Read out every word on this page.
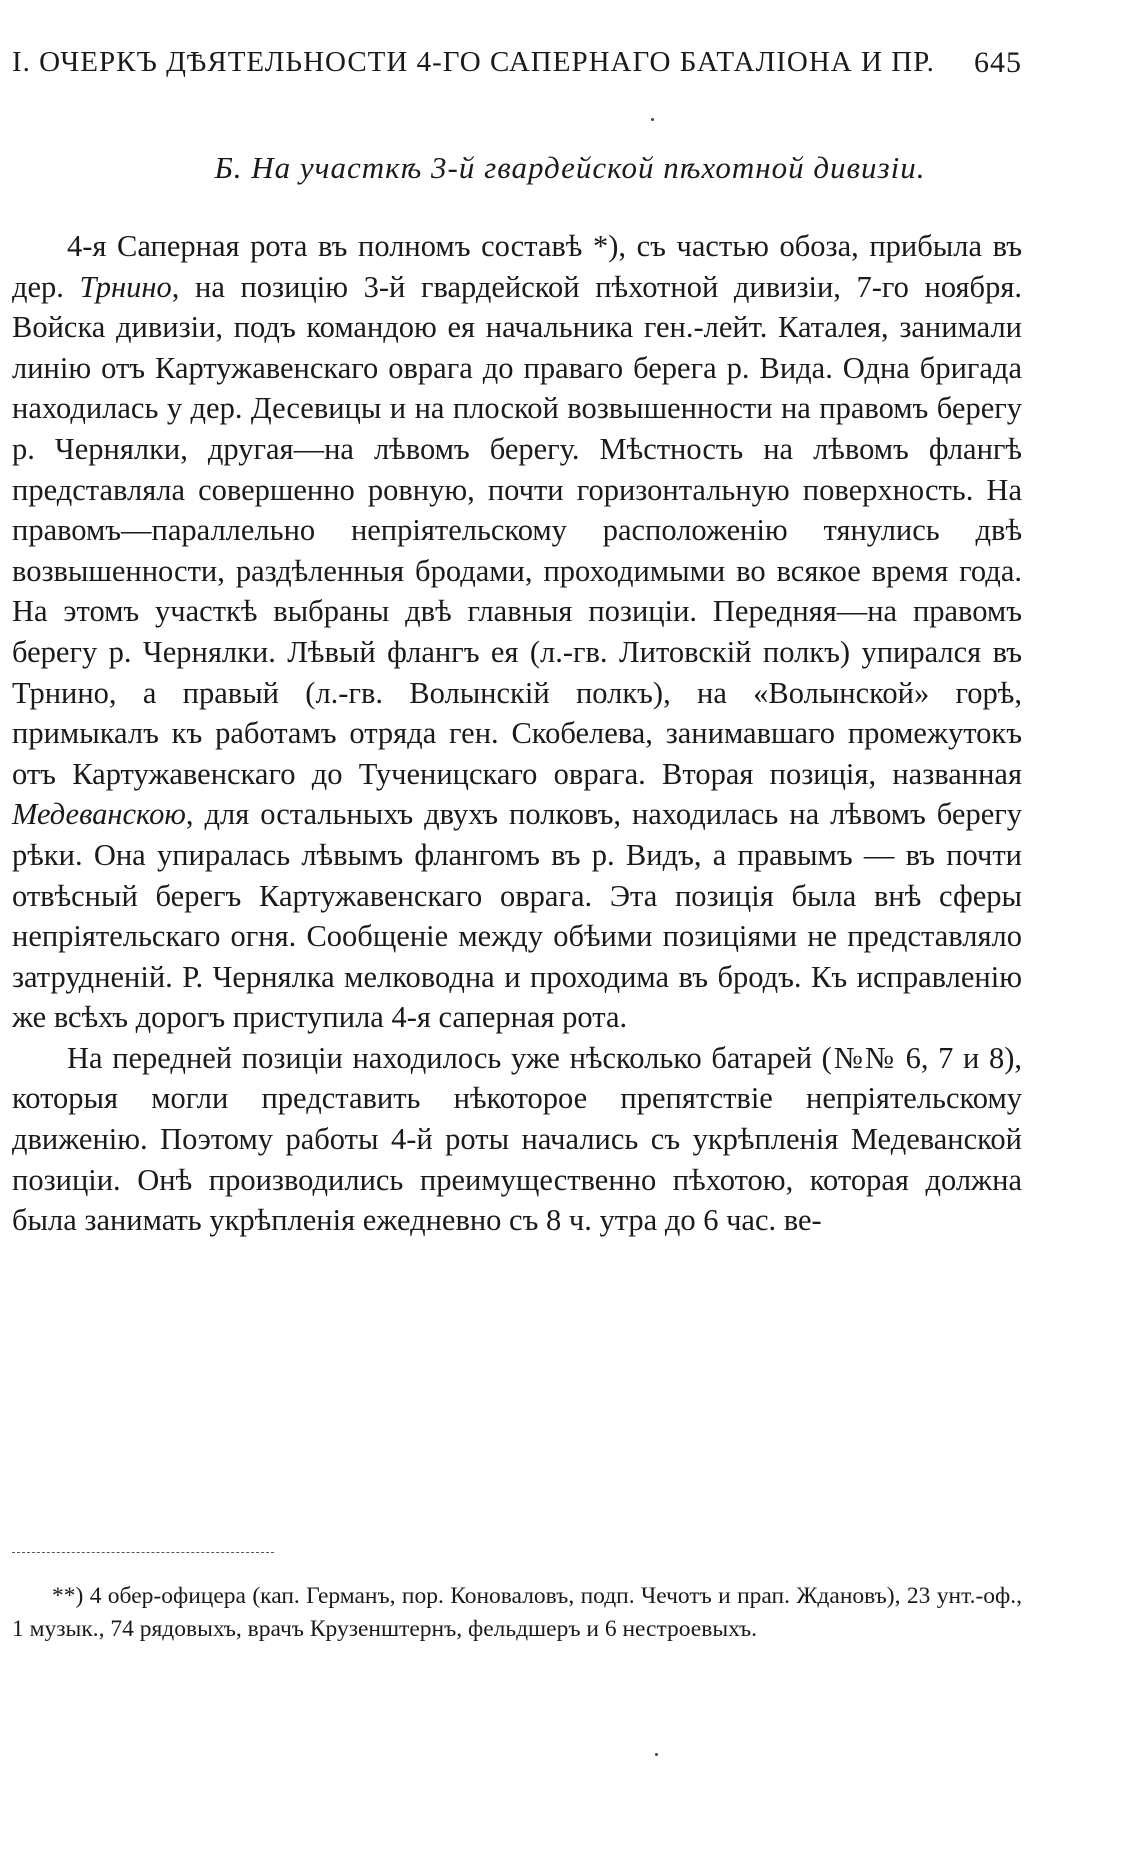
I. ОЧЕРКЪ ДѢЯТЕЛЬНОСТИ 4-ГО САПЕРНАГО БАТАЛIОНА И ПР. 645
Б. На участкѣ 3-й гвардейской пѣхотной дивизiи.

4-я Саперная рота въ полномъ составѣ *), съ частью обоза, прибыла въ дер. Трнино, на позицiю 3-й гвардейской пѣхотной дивизiи, 7-го ноября. Войска дивизiи, подъ командою ея начальника ген.-лейт. Каталея, занимали линiю отъ Картужавенскаго оврага до праваго берега р. Вида. Одна бригада находилась у дер. Десевицы и на плоской возвышенности на правомъ берегу р. Чернялки, другая—на лѣвомъ берегу. Мѣстность на лѣвомъ флангѣ представляла совершенно ровную, почти горизонтальную поверхность. На правомъ—параллельно непрiятельскому расположенiю тянулись двѣ возвышенности, раздѣленныя бродами, проходимыми во всякое время года. На этомъ участкѣ выбраны двѣ главныя позицiи. Передняя—на правомъ берегу р. Чернялки. Лѣвый флангъ ея (л.-гв. Литовскiй полкъ) упирался въ Трнино, а правый (л.-гв. Волынскiй полкъ), на «Волынской» горѣ, примыкалъ къ работамъ отряда ген. Скобелева, занимавшаго промежутокъ отъ Картужавенскаго до Тученицскаго оврага. Вторая позицiя, названная Медеванскою, для остальныхъ двухъ полковъ, находилась на лѣвомъ берегу рѣки. Она упиралась лѣвымъ флангомъ въ р. Видъ, а правымъ — въ почти отвѣсный берегъ Картужавенскаго оврага. Эта позицiя была внѣ сферы непрiятельскаго огня. Сообщенiе между обѣими позицiями не представляло затрудненiй. Р. Чернялка мелководна и проходима въ бродъ. Къ исправленiю же всѣхъ дорогъ приступила 4-я саперная рота.

На передней позицiи находилось уже нѣсколько батарей (№№ 6, 7 и 8), которыя могли представить нѣкоторое препятствiе непрiятельскому движенiю. Поэтому работы 4-й роты начались съ укрѣпленiя Медеванской позицiи. Онѣ производились преимущественно пѣхотою, которая должна была занимать укрѣпленiя ежедневно съ 8 ч. утра до 6 час. ве-

**) 4 обер-офицера (кап. Германъ, пор. Коноваловъ, подп. Чечотъ и прап. Ждановъ), 23 унт.-оф., 1 музык., 74 рядовыхъ, врачъ Крузенштернъ, фельдшеръ и 6 нестроевыхъ.
